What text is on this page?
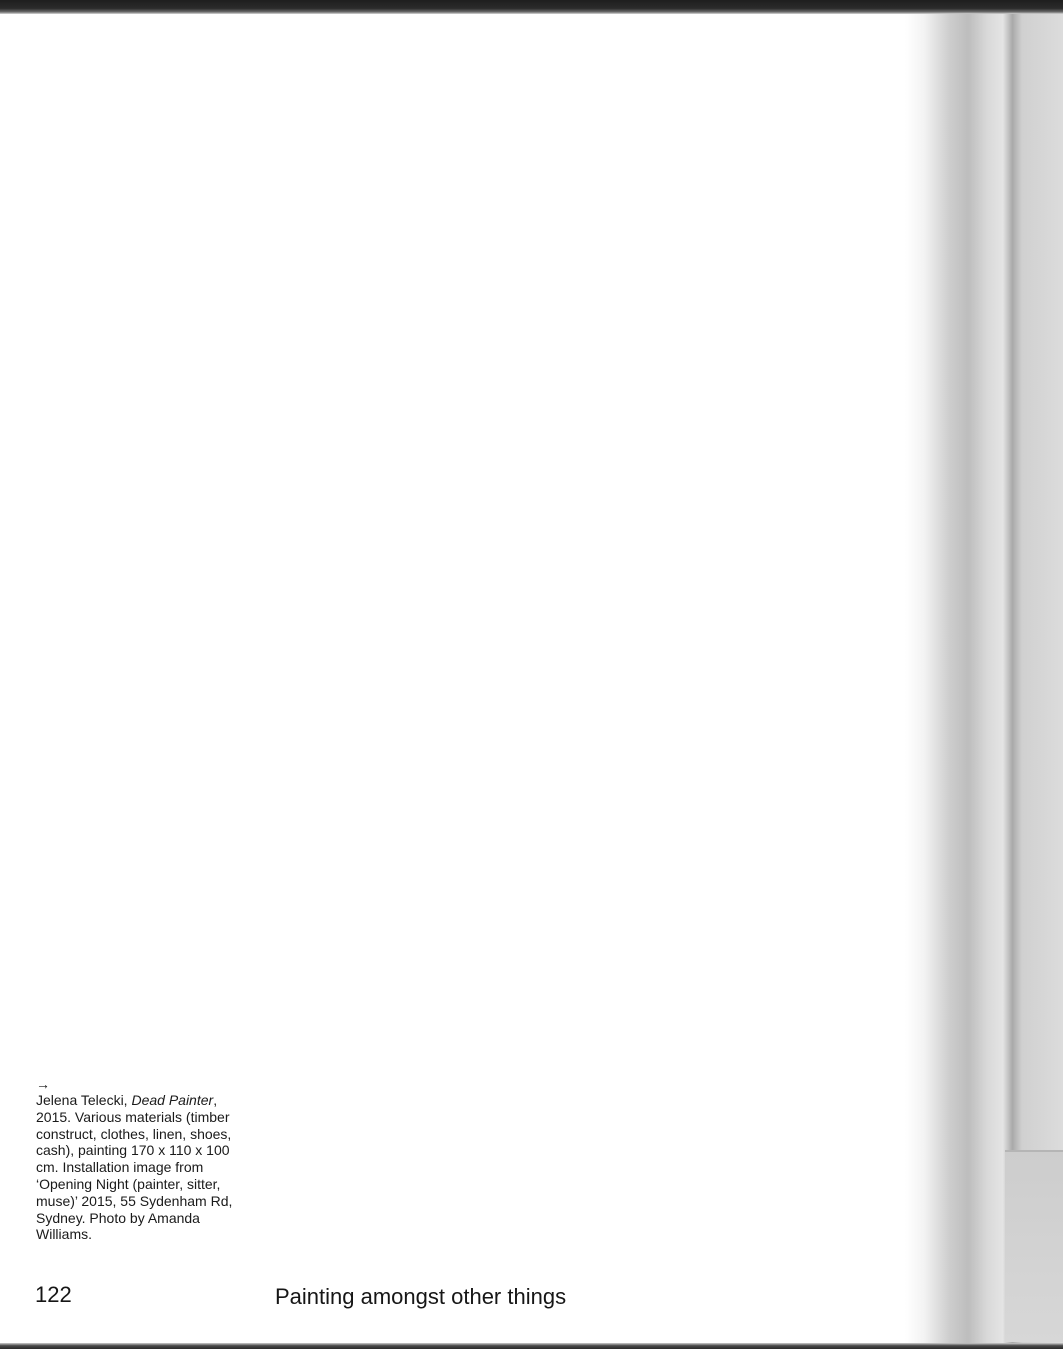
→
Jelena Telecki, Dead Painter, 2015. Various materials (timber construct, clothes, linen, shoes, cash), painting 170 x 110 x 100 cm. Installation image from ‘Opening Night (painter, sitter, muse)’ 2015, 55 Sydenham Rd, Sydney. Photo by Amanda Williams.
122	Painting amongst other things
